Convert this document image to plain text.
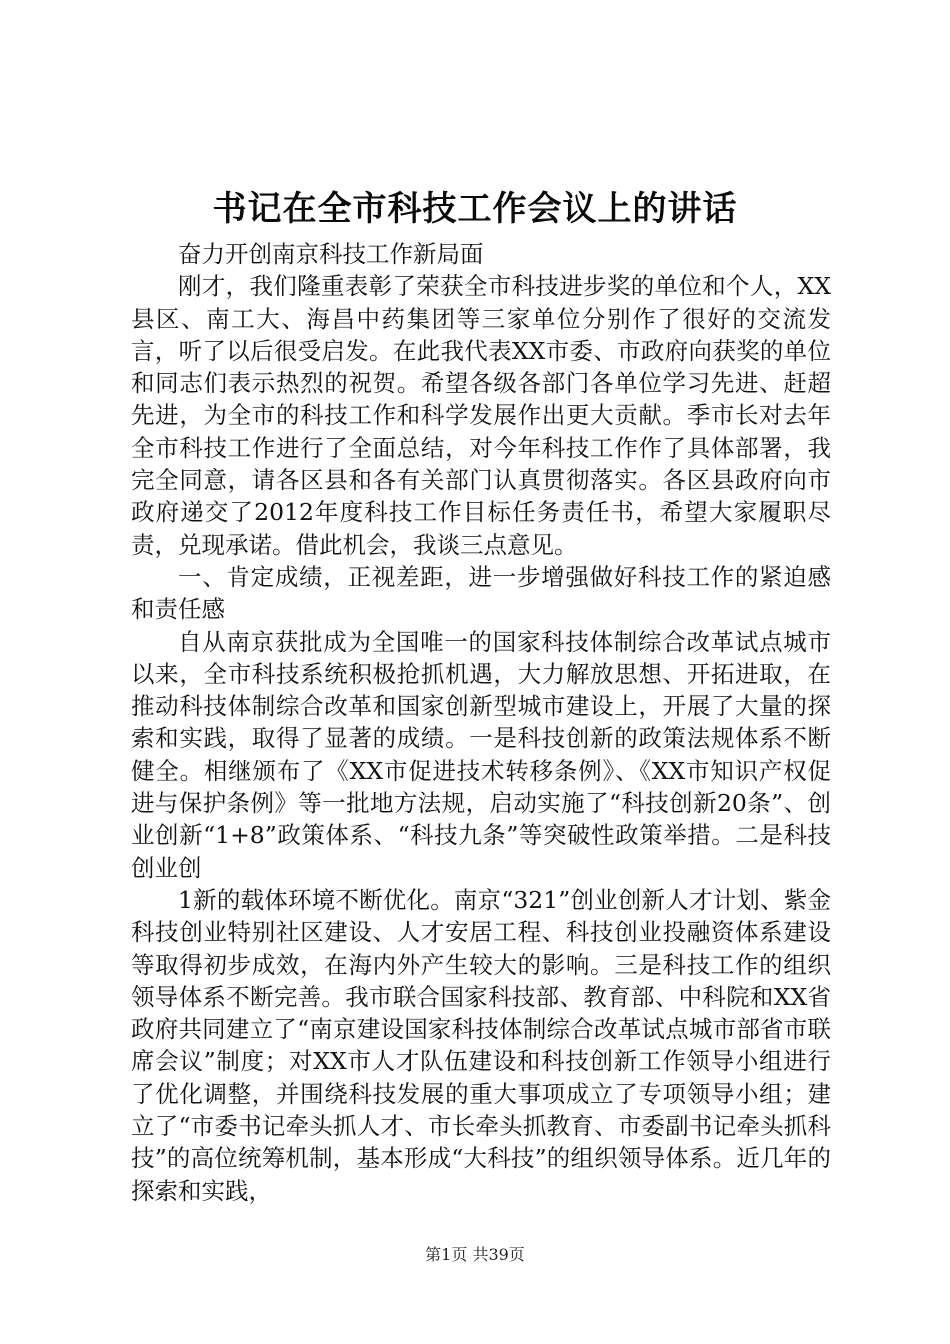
书记在全市科技工作会议上的讲话

奋力开创南京科技工作新局面

刚才，我们隆重表彰了荣获全市科技进步奖的单位和个人，XX县区、南工大、海昌中药集团等三家单位分别作了很好的交流发言，听了以后很受启发。在此我代表XX市委、市政府向获奖的单位和同志们表示热烈的祝贺。希望各级各部门各单位学习先进、赶超先进，为全市的科技工作和科学发展作出更大贡献。季市长对去年全市科技工作进行了全面总结，对今年科技工作作了具体部署，我完全同意，请各区县和各有关部门认真贯彻落实。各区县政府向市政府递交了2012年度科技工作目标任务责任书，希望大家履职尽责，兑现承诺。借此机会，我谈三点意见。

一、肯定成绩，正视差距，进一步增强做好科技工作的紧迫感和责任感

自从南京获批成为全国唯一的国家科技体制综合改革试点城市以来，全市科技系统积极抢抓机遇，大力解放思想、开拓进取，在推动科技体制综合改革和国家创新型城市建设上，开展了大量的探索和实践，取得了显著的成绩。一是科技创新的政策法规体系不断健全。相继颁布了《XX市促进技术转移条例》、《XX市知识产权促进与保护条例》等一批地方法规，启动实施了“科技创新20条”、创业创新“1+8”政策体系、“科技九条”等突破性政策举措。二是科技创业创

1新的载体环境不断优化。南京“321”创业创新人才计划、紫金科技创业特别社区建设、人才安居工程、科技创业投融资体系建设等取得初步成效，在海内外产生较大的影响。三是科技工作的组织领导体系不断完善。我市联合国家科技部、教育部、中科院和XX省政府共同建立了“南京建设国家科技体制综合改革试点城市部省市联席会议”制度；对XX市人才队伍建设和科技创新工作领导小组进行了优化调整，并围绕科技发展的重大事项成立了专项领导小组；建立了“市委书记牵头抓人才、市长牵头抓教育、市委副书记牵头抓科技”的高位统筹机制，基本形成“大科技”的组织领导体系。近几年的探索和实践，

第1页 共39页
